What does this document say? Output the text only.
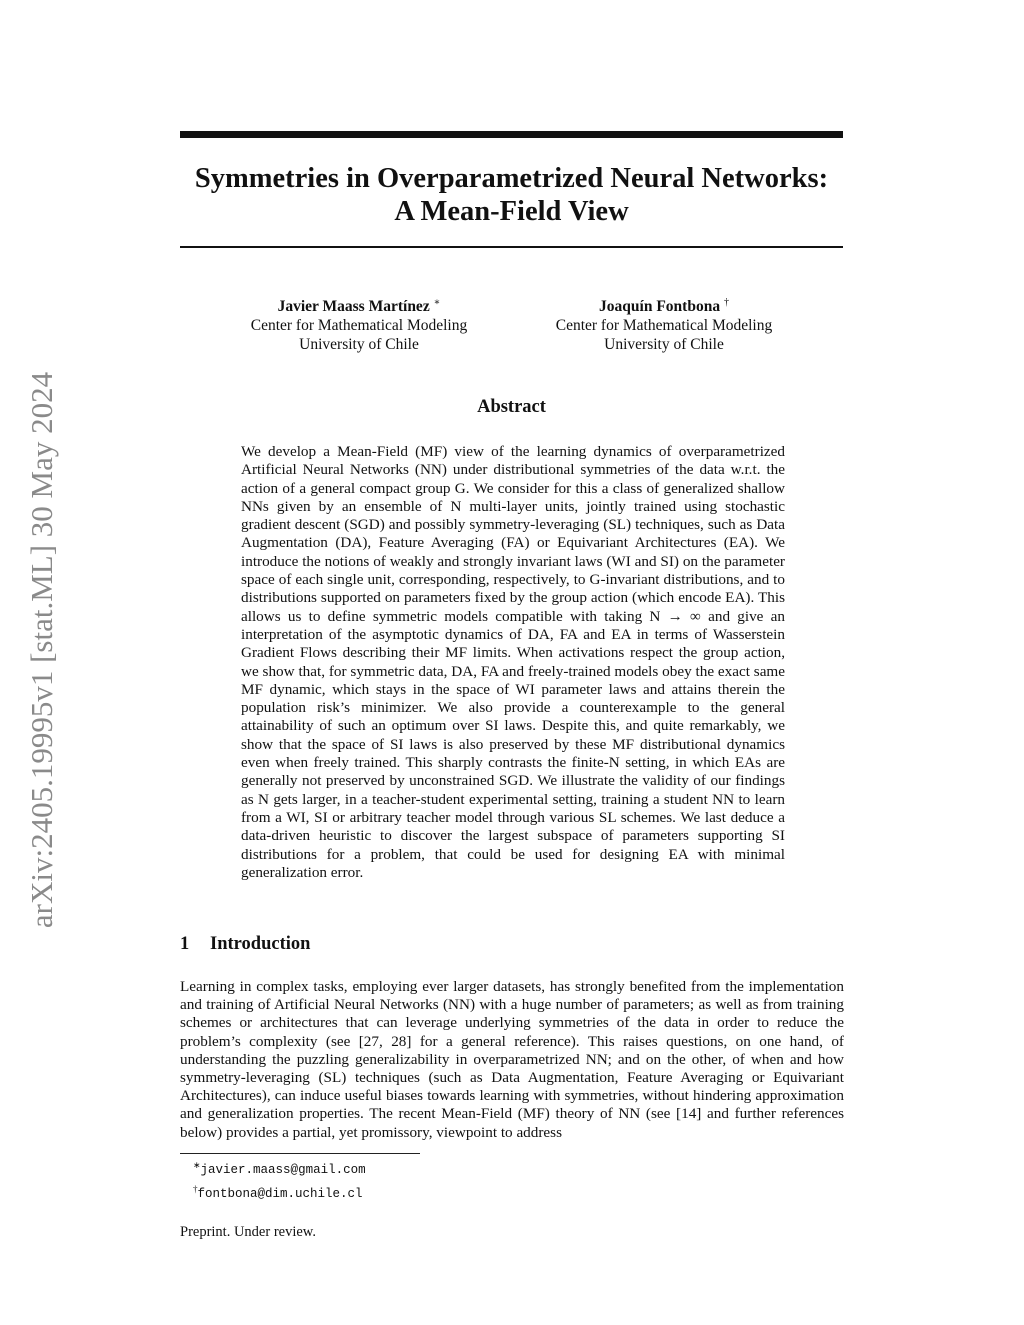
arXiv:2405.19995v1 [stat.ML] 30 May 2024
Symmetries in Overparametrized Neural Networks:
A Mean-Field View
Javier Maass Martínez ∗
Center for Mathematical Modeling
University of Chile
Joaquín Fontbona †
Center for Mathematical Modeling
University of Chile
Abstract
We develop a Mean-Field (MF) view of the learning dynamics of overparametrized Artificial Neural Networks (NN) under distributional symmetries of the data w.r.t. the action of a general compact group G. We consider for this a class of generalized shallow NNs given by an ensemble of N multi-layer units, jointly trained using stochastic gradient descent (SGD) and possibly symmetry-leveraging (SL) techniques, such as Data Augmentation (DA), Feature Averaging (FA) or Equivariant Architectures (EA). We introduce the notions of weakly and strongly invariant laws (WI and SI) on the parameter space of each single unit, corresponding, respectively, to G-invariant distributions, and to distributions supported on parameters fixed by the group action (which encode EA). This allows us to define symmetric models compatible with taking N → ∞ and give an interpretation of the asymptotic dynamics of DA, FA and EA in terms of Wasserstein Gradient Flows describing their MF limits. When activations respect the group action, we show that, for symmetric data, DA, FA and freely-trained models obey the exact same MF dynamic, which stays in the space of WI parameter laws and attains therein the population risk’s minimizer. We also provide a counterexample to the general attainability of such an optimum over SI laws. Despite this, and quite remarkably, we show that the space of SI laws is also preserved by these MF distributional dynamics even when freely trained. This sharply contrasts the finite-N setting, in which EAs are generally not preserved by unconstrained SGD. We illustrate the validity of our findings as N gets larger, in a teacher-student experimental setting, training a student NN to learn from a WI, SI or arbitrary teacher model through various SL schemes. We last deduce a data-driven heuristic to discover the largest subspace of parameters supporting SI distributions for a problem, that could be used for designing EA with minimal generalization error.
1 Introduction
Learning in complex tasks, employing ever larger datasets, has strongly benefited from the implementation and training of Artificial Neural Networks (NN) with a huge number of parameters; as well as from training schemes or architectures that can leverage underlying symmetries of the data in order to reduce the problem’s complexity (see [27, 28] for a general reference). This raises questions, on one hand, of understanding the puzzling generalizability in overparametrized NN; and on the other, of when and how symmetry-leveraging (SL) techniques (such as Data Augmentation, Feature Averaging or Equivariant Architectures), can induce useful biases towards learning with symmetries, without hindering approximation and generalization properties. The recent Mean-Field (MF) theory of NN (see [14] and further references below) provides a partial, yet promissory, viewpoint to address
∗javier.maass@gmail.com
†fontbona@dim.uchile.cl
Preprint. Under review.
